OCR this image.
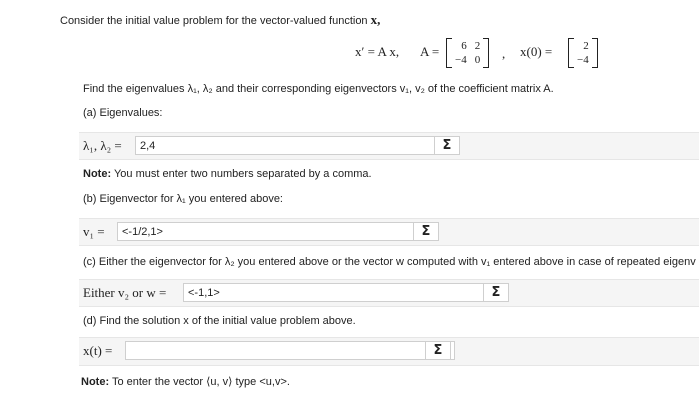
Consider the initial value problem for the vector-valued function x,
x′ = A x, A =	6 2
−4 0 , x(0) =	2
−4
Find the eigenvalues λ₁, λ₂ and their corresponding eigenvectors v₁, v₂ of the coefficient matrix A.
(a) Eigenvalues:
λ₁, λ₂ =
2,4	Σ
Note: You must enter two numbers separated by a comma.
(b) Eigenvector for λ₁ you entered above:
v₁ =
<-1/2,1>	Σ
(c) Either the eigenvector for λ₂ you entered above or the vector w computed with v₁ entered above in case of repeated eigenv
Either v₂ or w =
<-1,1>	Σ
(d) Find the solution x of the initial value problem above.
x(t) =	Σ
Note: To enter the vector ⟨u, v⟩ type <u,v>.
